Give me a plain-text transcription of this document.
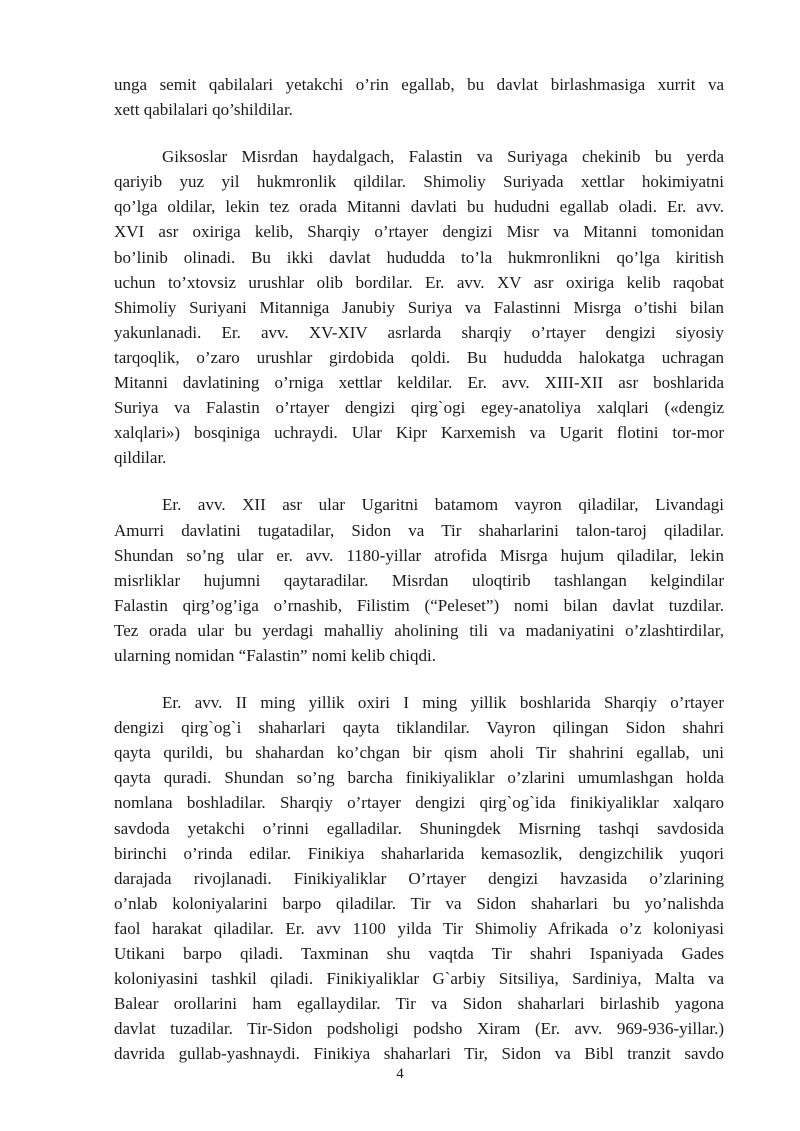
unga semit qabilalari yetakchi o’rin egallab, bu davlat birlashmasiga xurrit va
xett qabilalari qo’shildilar.

Giksoslar Misrdan haydalgach, Falastin va Suriyaga chekinib bu yerda
qariyib yuz yil hukmronlik qildilar. Shimoliy Suriyada xettlar hokimiyatni
qo’lga oldilar, lekin tez orada Mitanni davlati bu hududni egallab oladi. Er. avv.
XVI asr oxiriga kelib, Sharqiy o’rtayer dengizi Misr va Mitanni tomonidan
bo’linib olinadi. Bu ikki davlat hududda to’la hukmronlikni qo’lga kiritish
uchun to’xtovsiz urushlar olib bordilar. Er. avv. XV asr oxiriga kelib raqobat
Shimoliy Suriyani Mitanniga Janubiy Suriya va Falastinni Misrga o’tishi bilan
yakunlanadi. Er. avv. XV-XIV asrlarda sharqiy o’rtayer dengizi siyosiy
tarqoqlik, o’zaro urushlar girdobida qoldi. Bu hududda halokatga uchragan
Mitanni davlatining o’rniga xettlar keldilar. Er. avv. XIII-XII asr boshlarida
Suriya va Falastin o’rtayer dengizi qirg`ogi egey-anatoliya xalqlari («dengiz
xalqlari») bosqiniga uchraydi. Ular Kipr Karxemish va Ugarit flotini tor-mor
qildilar.

Er. avv. XII asr ular Ugaritni batamom vayron qiladilar, Livandagi
Amurri davlatini tugatadilar, Sidon va Tir shaharlarini talon-taroj qiladilar.
Shundan so’ng ular er. avv. 1180-yillar atrofida Misrga hujum qiladilar, lekin
misrliklar hujumni qaytaradilar. Misrdan uloqtirib tashlangan kelgindilar
Falastin qirg’og’iga o’rnashib, Filistim (“Peleset”) nomi bilan davlat tuzdilar.
Tez orada ular bu yerdagi mahalliy aholining tili va madaniyatini o’zlashtirdilar,
ularning nomidan “Falastin” nomi kelib chiqdi.

Er. avv. II ming yillik oxiri I ming yillik boshlarida Sharqiy o’rtayer
dengizi qirg`og`i shaharlari qayta tiklandilar. Vayron qilingan Sidon shahri
qayta qurildi, bu shahardan ko’chgan bir qism aholi Tir shahrini egallab, uni
qayta quradi. Shundan so’ng barcha finikiyaliklar o’zlarini umumlashgan holda
nomlana boshladilar. Sharqiy o’rtayer dengizi qirg`og`ida finikiyaliklar xalqaro
savdoda yetakchi o’rinni egalladilar. Shuningdek Misrning tashqi savdosida
birinchi o’rinda edilar. Finikiya shaharlarida kemasozlik, dengizchilik yuqori
darajada rivojlanadi. Finikiyaliklar O’rtayer dengizi havzasida o’zlarining
o’nlab koloniyalarini barpo qiladilar. Tir va Sidon shaharlari bu yo’nalishda
faol harakat qiladilar. Er. avv 1100 yilda Tir Shimoliy Afrikada o’z koloniyasi
Utikani barpo qiladi. Taxminan shu vaqtda Tir shahri Ispaniyada Gades
koloniyasini tashkil qiladi. Finikiyaliklar G`arbiy Sitsiliya, Sardiniya, Malta va
Balear orollarini ham egallaydilar. Tir va Sidon shaharlari birlashib yagona
davlat tuzadilar. Tir-Sidon podsholigi podsho Xiram (Er. avv. 969-936-yillar.)
davrida gullab-yashnaydi. Finikiya shaharlari Tir, Sidon va Bibl tranzit savdo

4
